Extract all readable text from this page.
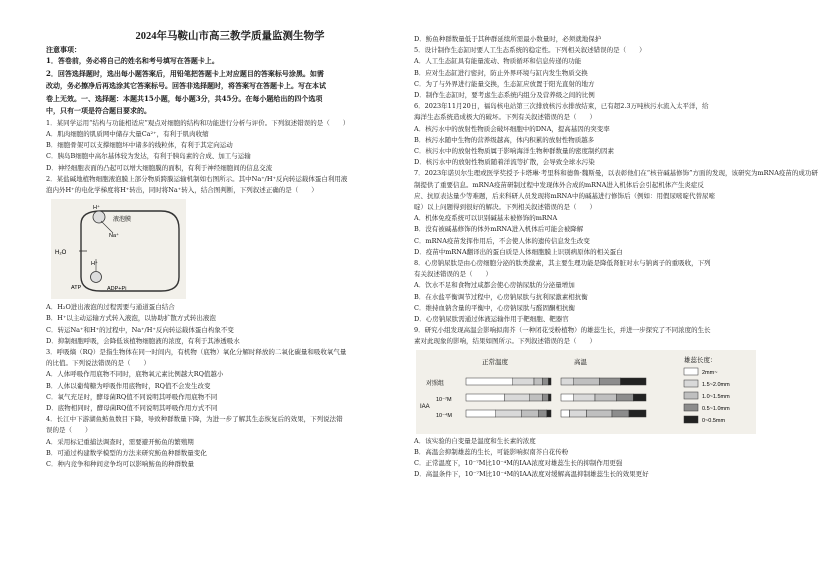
2024年马鞍山市高三教学质量监测生物学
注意事项：
1．答卷前，务必将自己的姓名和考号填写在答题卡上。
2．回答选择题时，选出每小题答案后，用铅笔把答题卡上对应题目的答案标号涂黑。如需
改动，务必擦净后再选涂其它答案标号。回答非选择题时，将答案写在答题卡上。写在本试
卷上无效。一、选择题：本题共15小题，每小题3分，共45分。在每小题给出的四个选项
中，只有一项是符合题目要求的。
1．某同学运用“结构与功能相适应”观点对细胞的结构和功能进行分析与评价。下列叙述错误的是（　　）
A．肌肉细胞的肌质网中储存大量Ca²⁺，有利于肌肉收缩
B．细胞骨架可以支撑细胞坏中诸多的线粒体，有利于其定向运动
C．胰岛B细胞中高尔基体较为发达，有利于胰岛素的合成、加工与运输
D．神经细胞表面的凸起可以增大细胞膜的面积，有利于神经细胞间的信息交流
2．某盐碱地植物细胞液泡膜上部分物质跨膜运输机制如右图所示。其中Na⁺/H⁺反向转运载体蛋白利用液
泡内外H⁺的电化学梯度将H⁺转出，同时将Na⁺转入，结合图判断，下列叙述正确的是（　　）
液泡膜
H⁺
Na⁺
H₂O
H⁺
ATP	ADP+Pi
A．H₂O进出液泡的过程需要与通道蛋白结合
B．H⁺以主动运输方式转入液泡，以协助扩散方式转出液泡
C．转运Na⁺和H⁺的过程中，Na⁺/H⁺反向转运载体蛋白构象不变
D．抑制细胞呼吸，会降低该植物细胞液的浓度，有利于其渗透吸水
3．呼吸熵（RQ）是指生物体在同一时间内，有机物（底物）氧化分解时释放的二氧化碳量和吸收氧气量
的比值。下列说法错误的是（　　）
A．人体呼吸作用底物不同时，底物氧元素比例越大RQ值越小
B．人体以葡萄糖为呼吸作用底物时，RQ值不会发生改变
C．氧气充足时，酵母菌RQ值不同说明其呼吸作用底物不同
D．底物相同时，酵母菌RQ值不同说明其呼吸作用方式不同
4．长江中下游湖鱼鲂鱼数目下降，导致种群数量下降，为进一步了解其生态恢复后的效果，下列说法错
误的是（　　）
A．采用标记重捕法调查时，需要避开鲂鱼的繁殖期
B．可通过构建数学模型的方法来研究鲂鱼种群数量变化
C．种内竞争和种间竞争均可以影响鲂鱼的种群数量
D．鲂鱼种群数量低于其种群延续所需最小数量时，必须就地保护
5．设计制作生态缸时要人工生态系统的稳定性。下列相关叙述错误的是（　　）
A．人工生态缸具有能量流动、物质循环和信息传递的功能
B．应对生态缸进行密封，防止外界环境与缸内发生物质交换
C．为了与外界进行能量交换，生态缸应放置于阳光直射的地方
D．制作生态缸时，要考虑生态系统内组分及营养级之间的比例
6．2023年11月20日，福岛核电站第三次排放核污水排放结束，已有超2.3万吨核污水流入太平洋，给
海洋生态系统造成极大的破坏。下列有关叙述错误的是（　　）
A．核污水中的放射性物质会破坏细胞中的DNA，提高基因的突变率
B．核污水随中生物的营养级越高，体内积累的放射性物质越多
C．核污水中的放射性物质属于影响海洋生物种群数量的密度制约因素
D．核污水中的放射性物质随着洋流等扩散，会导致全球水污染
7．2023年诺贝尔生理或医学奖授予卡塔琳·考里科和德鲁·魏斯曼，以表彰他们在“核苷碱基修饰”方面的发现，该研究为mRNA疫苗的成功研
制提供了重要信息。mRNA疫苗研制过程中发现体外合成的mRNA进入机体后会引起机体产生炎症反
应、抗原表达量少等难题，后来科研人员发现将mRNA中的碱基进行修饰后（例如：用假尿嘧啶代替尿嘧
啶）以上问题得到很好的解决。下列相关叙述错误的是（　　）
A．机体免疫系统可以识别碱基未被修饰的mRNA
B．没有被碱基修饰的体外mRNA进入机体后可能会被降解
C．mRNA疫苗发挥作用后，不会使人体的遗传信息发生改变
D．疫苗中mRNA翻译出的蛋白质是人体细胞膜上识别病原体的相关蛋白
8．心房钠尿肽是由心房细胞分泌的肽类激素，其主要生理功能是降低肾脏对水与钠离子的重吸收，下列
有关叙述错误的是（　　）
A．饮水不足和食物过咸都会使心房钠尿肽的分泌量增加
B．在水盐平衡调节过程中，心房钠尿肽与抗利尿激素相抗衡
C．维持血钠含量的平衡中，心房钠尿肽与醛固酮相抗衡
D．心房钠尿肽需通过体液运输作用于靶细胞、靶器官
9．研究小组发现高温会影响拟南芥（一种闭花受粉植物）的雄蕊生长，并进一步探究了不同浓度的生长
素对此现象的影响，结果如图所示。下列叙述错误的是（　　）
正常温度	高温
对照组
IAA
10⁻⁷M
10⁻⁴M
雄蕊长度：
2mm~
1.5~2.0mm
1.0~1.5mm
0.5~1.0mm
0~0.5mm
A．该实验的自变量是温度和生长素的浓度
B．高温会抑制雄蕊的生长，可能影响拟南芥自花传粉
C．正常温度下，10⁻⁷M比10⁻⁴M的IAA浓度对雄蕊生长的抑制作用更强
D．高温条件下，10⁻⁷M比10⁻⁴M的IAA浓度对缓解高温抑制雄蕊生长的效果更好
